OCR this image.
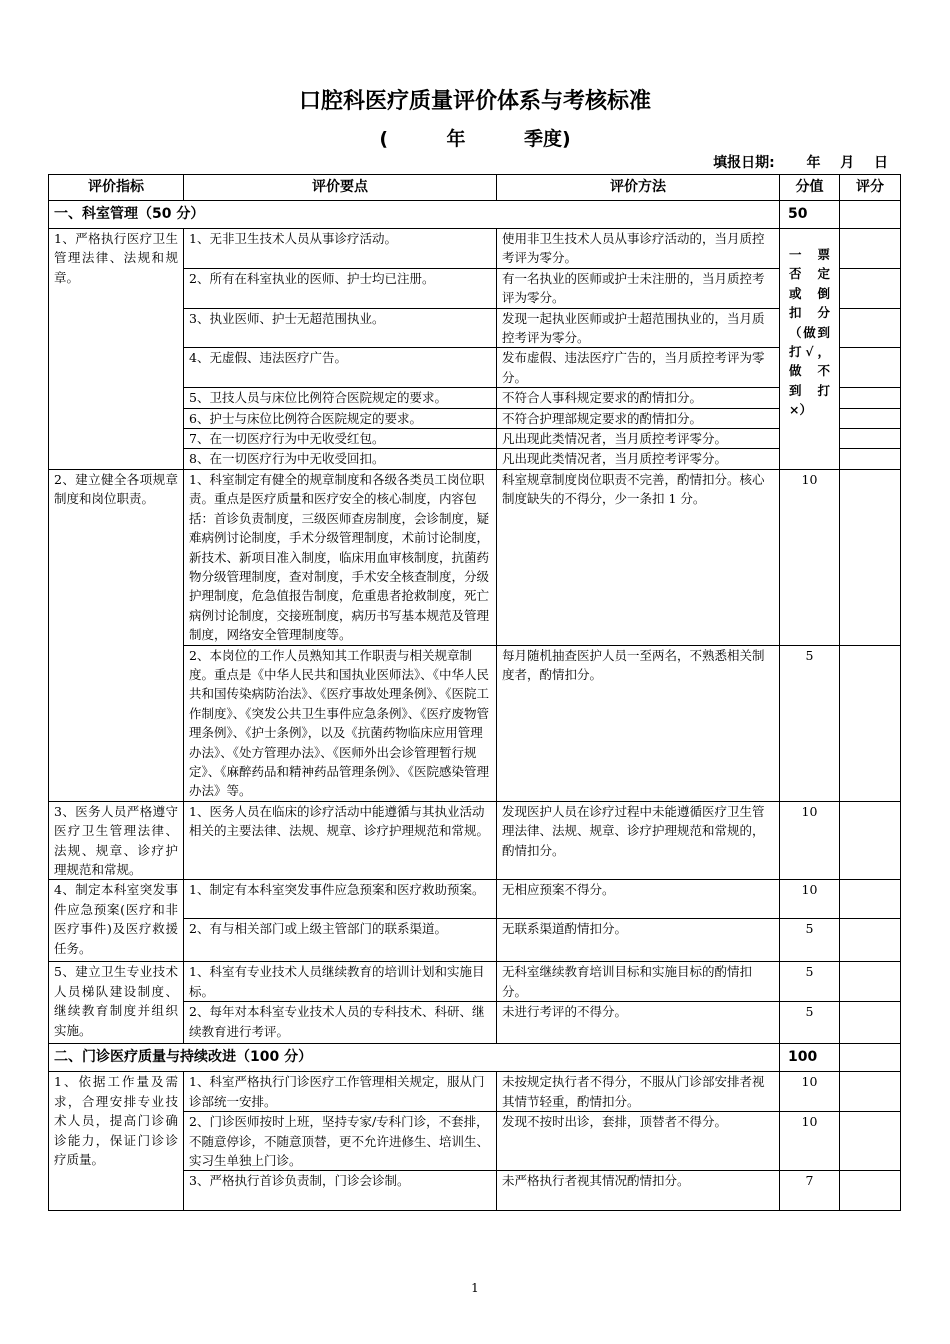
口腔科医疗质量评价体系与考核标准
(    年    季度)
填报日期: 年 月 日
评价指标	评价要点	评价方法	分值	评分
一、科室管理（50 分）			50	
1、严格执行医疗卫生管理法律、法规和规章。	1、无非卫生技术人员从事诊疗活动。	使用非卫生技术人员从事诊疗活动的，当月质控考评为零分。	一 票 否 定 或 倒 扣 分（做到打√，做 不 到 打 ×）	
	2、所有在科室执业的医师、护士均已注册。	有一名执业的医师或护士未注册的，当月质控考评为零分。		
	3、执业医师、护士无超范围执业。	发现一起执业医师或护士超范围执业的，当月质控考评为零分。		
	4、无虚假、违法医疗广告。	发布虚假、违法医疗广告的，当月质控考评为零分。		
	5、卫技人员与床位比例符合医院规定的要求。	不符合人事科规定要求的酌情扣分。		
	6、护士与床位比例符合医院规定的要求。	不符合护理部规定要求的酌情扣分。		
	7、在一切医疗行为中无收受红包。	凡出现此类情况者，当月质控考评零分。		
	8、在一切医疗行为中无收受回扣。	凡出现此类情况者，当月质控考评零分。		
2、建立健全各项规章制度和岗位职责。	1、科室制定有健全的规章制度和各级各类员工岗位职责。重点是医疗质量和医疗安全的核心制度，内容包括：首诊负责制度，三级医师查房制度，会诊制度，疑难病例讨论制度，手术分级管理制度，术前讨论制度，新技术、新项目准入制度，临床用血审核制度，抗菌药物分级管理制度，查对制度，手术安全核查制度，分级护理制度，危急值报告制度，危重患者抢救制度，死亡病例讨论制度，交接班制度，病历书写基本规范及管理制度，网络安全管理制度等。	科室规章制度岗位职责不完善，酌情扣分。核心制度缺失的不得分，少一条扣 1 分。	10	
	2、本岗位的工作人员熟知其工作职责与相关规章制度。重点是《中华人民共和国执业医师法》、《中华人民共和国传染病防治法》、《医疗事故处理条例》、《医院工作制度》、《突发公共卫生事件应急条例》、《医疗废物管理条例》、《护士条例》，以及《抗菌药物临床应用管理办法》、《处方管理办法》、《医师外出会诊管理暂行规定》、《麻醉药品和精神药品管理条例》、《医院感染管理办法》等。	每月随机抽查医护人员一至两名，不熟悉相关制度者，酌情扣分。	5	
3、医务人员严格遵守医疗卫生管理法律、法规、规章、诊疗护理规范和常规。	1、医务人员在临床的诊疗活动中能遵循与其执业活动相关的主要法律、法规、规章、诊疗护理规范和常规。	发现医护人员在诊疗过程中未能遵循医疗卫生管理法律、法规、规章、诊疗护理规范和常规的，酌情扣分。	10	
4、制定本科室突发事件应急预案(医疗和非医疗事件)及医疗救援任务。	1、制定有本科室突发事件应急预案和医疗救助预案。	无相应预案不得分。	10	
	2、有与相关部门或上级主管部门的联系渠道。	无联系渠道酌情扣分。	5	
5、建立卫生专业技术人员梯队建设制度、继续教育制度并组织实施。	1、科室有专业技术人员继续教育的培训计划和实施目标。	无科室继续教育培训目标和实施目标的酌情扣分。	5	
	2、每年对本科室专业技术人员的专科技术、科研、继续教育进行考评。	未进行考评的不得分。	5	
二、门诊医疗质量与持续改进（100 分）			100	
1、依据工作量及需求，合理安排专业技术人员，提高门诊确诊能力，保证门诊诊疗质量。	1、科室严格执行门诊医疗工作管理相关规定，服从门诊部统一安排。	未按规定执行者不得分，不服从门诊部安排者视其情节轻重，酌情扣分。	10	
	2、门诊医师按时上班，坚持专家/专科门诊，不套排，不随意停诊，不随意顶替，更不允许进修生、培训生、实习生单独上门诊。	发现不按时出诊，套排，顶替者不得分。	10	
	3、严格执行首诊负责制，门诊会诊制。	未严格执行者视其情况酌情扣分。	7	
1
